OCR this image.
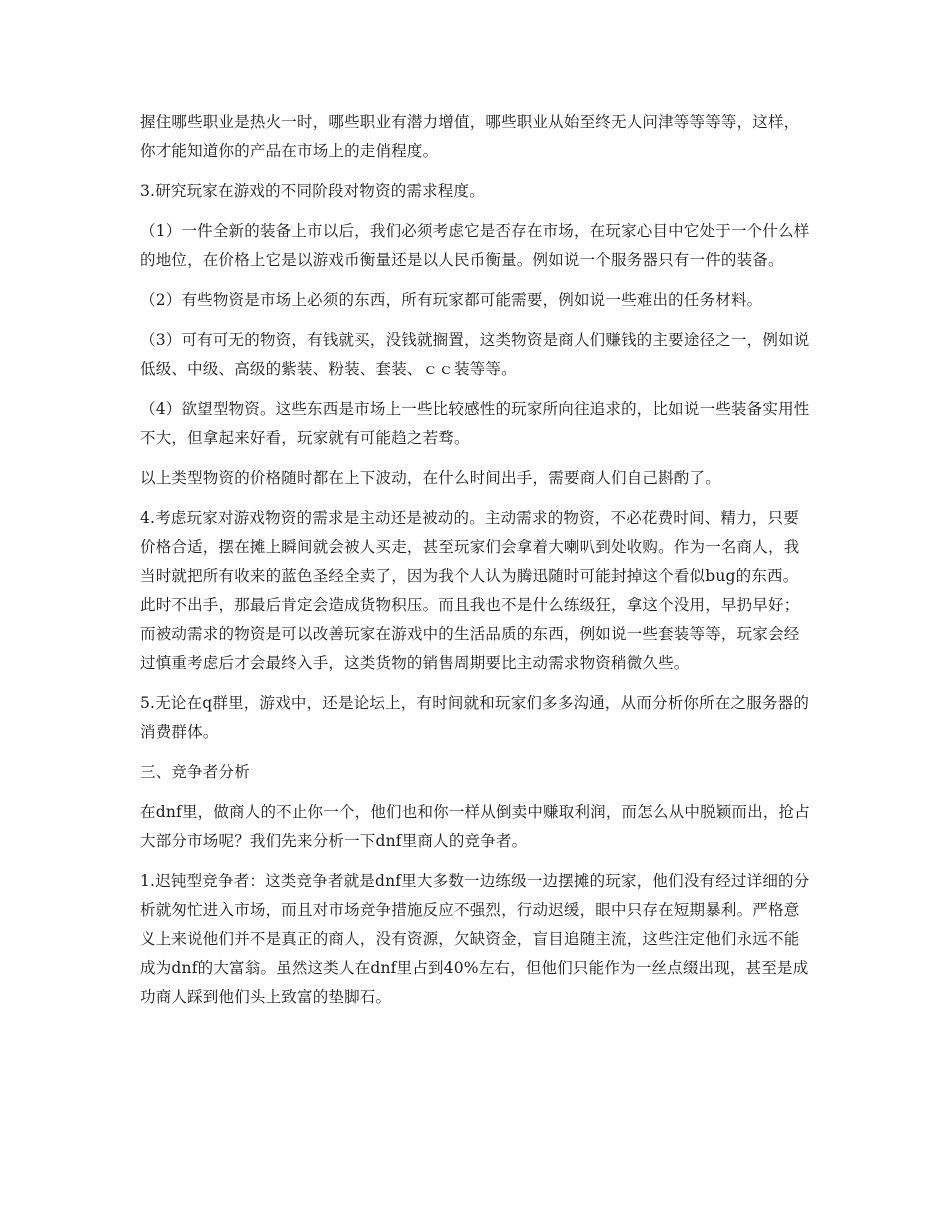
握住哪些职业是热火一时，哪些职业有潜力增值，哪些职业从始至终无人问津等等等等，这样，你才能知道你的产品在市场上的走俏程度。

3.研究玩家在游戏的不同阶段对物资的需求程度。

（1）一件全新的装备上市以后，我们必须考虑它是否存在市场，在玩家心目中它处于一个什么样的地位，在价格上它是以游戏币衡量还是以人民币衡量。例如说一个服务器只有一件的装备。

（2）有些物资是市场上必须的东西，所有玩家都可能需要，例如说一些难出的任务材料。

（3）可有可无的物资，有钱就买，没钱就搁置，这类物资是商人们赚钱的主要途径之一，例如说低级、中级、高级的紫装、粉装、套装、ｃｃ装等等。

（4）欲望型物资。这些东西是市场上一些比较感性的玩家所向往追求的，比如说一些装备实用性不大，但拿起来好看，玩家就有可能趋之若骛。

以上类型物资的价格随时都在上下波动，在什么时间出手，需要商人们自己斟酌了。

4.考虑玩家对游戏物资的需求是主动还是被动的。主动需求的物资，不必花费时间、精力，只要价格合适，摆在摊上瞬间就会被人买走，甚至玩家们会拿着大喇叭到处收购。作为一名商人，我当时就把所有收来的蓝色圣经全卖了，因为我个人认为腾迅随时可能封掉这个看似bug的东西。此时不出手，那最后肯定会造成货物积压。而且我也不是什么练级狂，拿这个没用，早扔早好；而被动需求的物资是可以改善玩家在游戏中的生活品质的东西，例如说一些套装等等，玩家会经过慎重考虑后才会最终入手，这类货物的销售周期要比主动需求物资稍微久些。

5.无论在q群里，游戏中，还是论坛上，有时间就和玩家们多多沟通，从而分析你所在之服务器的消费群体。

三、竞争者分析

在dnf里，做商人的不止你一个，他们也和你一样从倒卖中赚取利润，而怎么从中脱颖而出，抢占大部分市场呢？我们先来分析一下dnf里商人的竞争者。

1.迟钝型竞争者：这类竞争者就是dnf里大多数一边练级一边摆摊的玩家，他们没有经过详细的分析就匆忙进入市场，而且对市场竞争措施反应不强烈，行动迟缓，眼中只存在短期暴利。严格意义上来说他们并不是真正的商人，没有资源，欠缺资金，盲目追随主流，这些注定他们永远不能成为dnf的大富翁。虽然这类人在dnf里占到40%左右，但他们只能作为一丝点缀出现，甚至是成功商人踩到他们头上致富的垫脚石。
